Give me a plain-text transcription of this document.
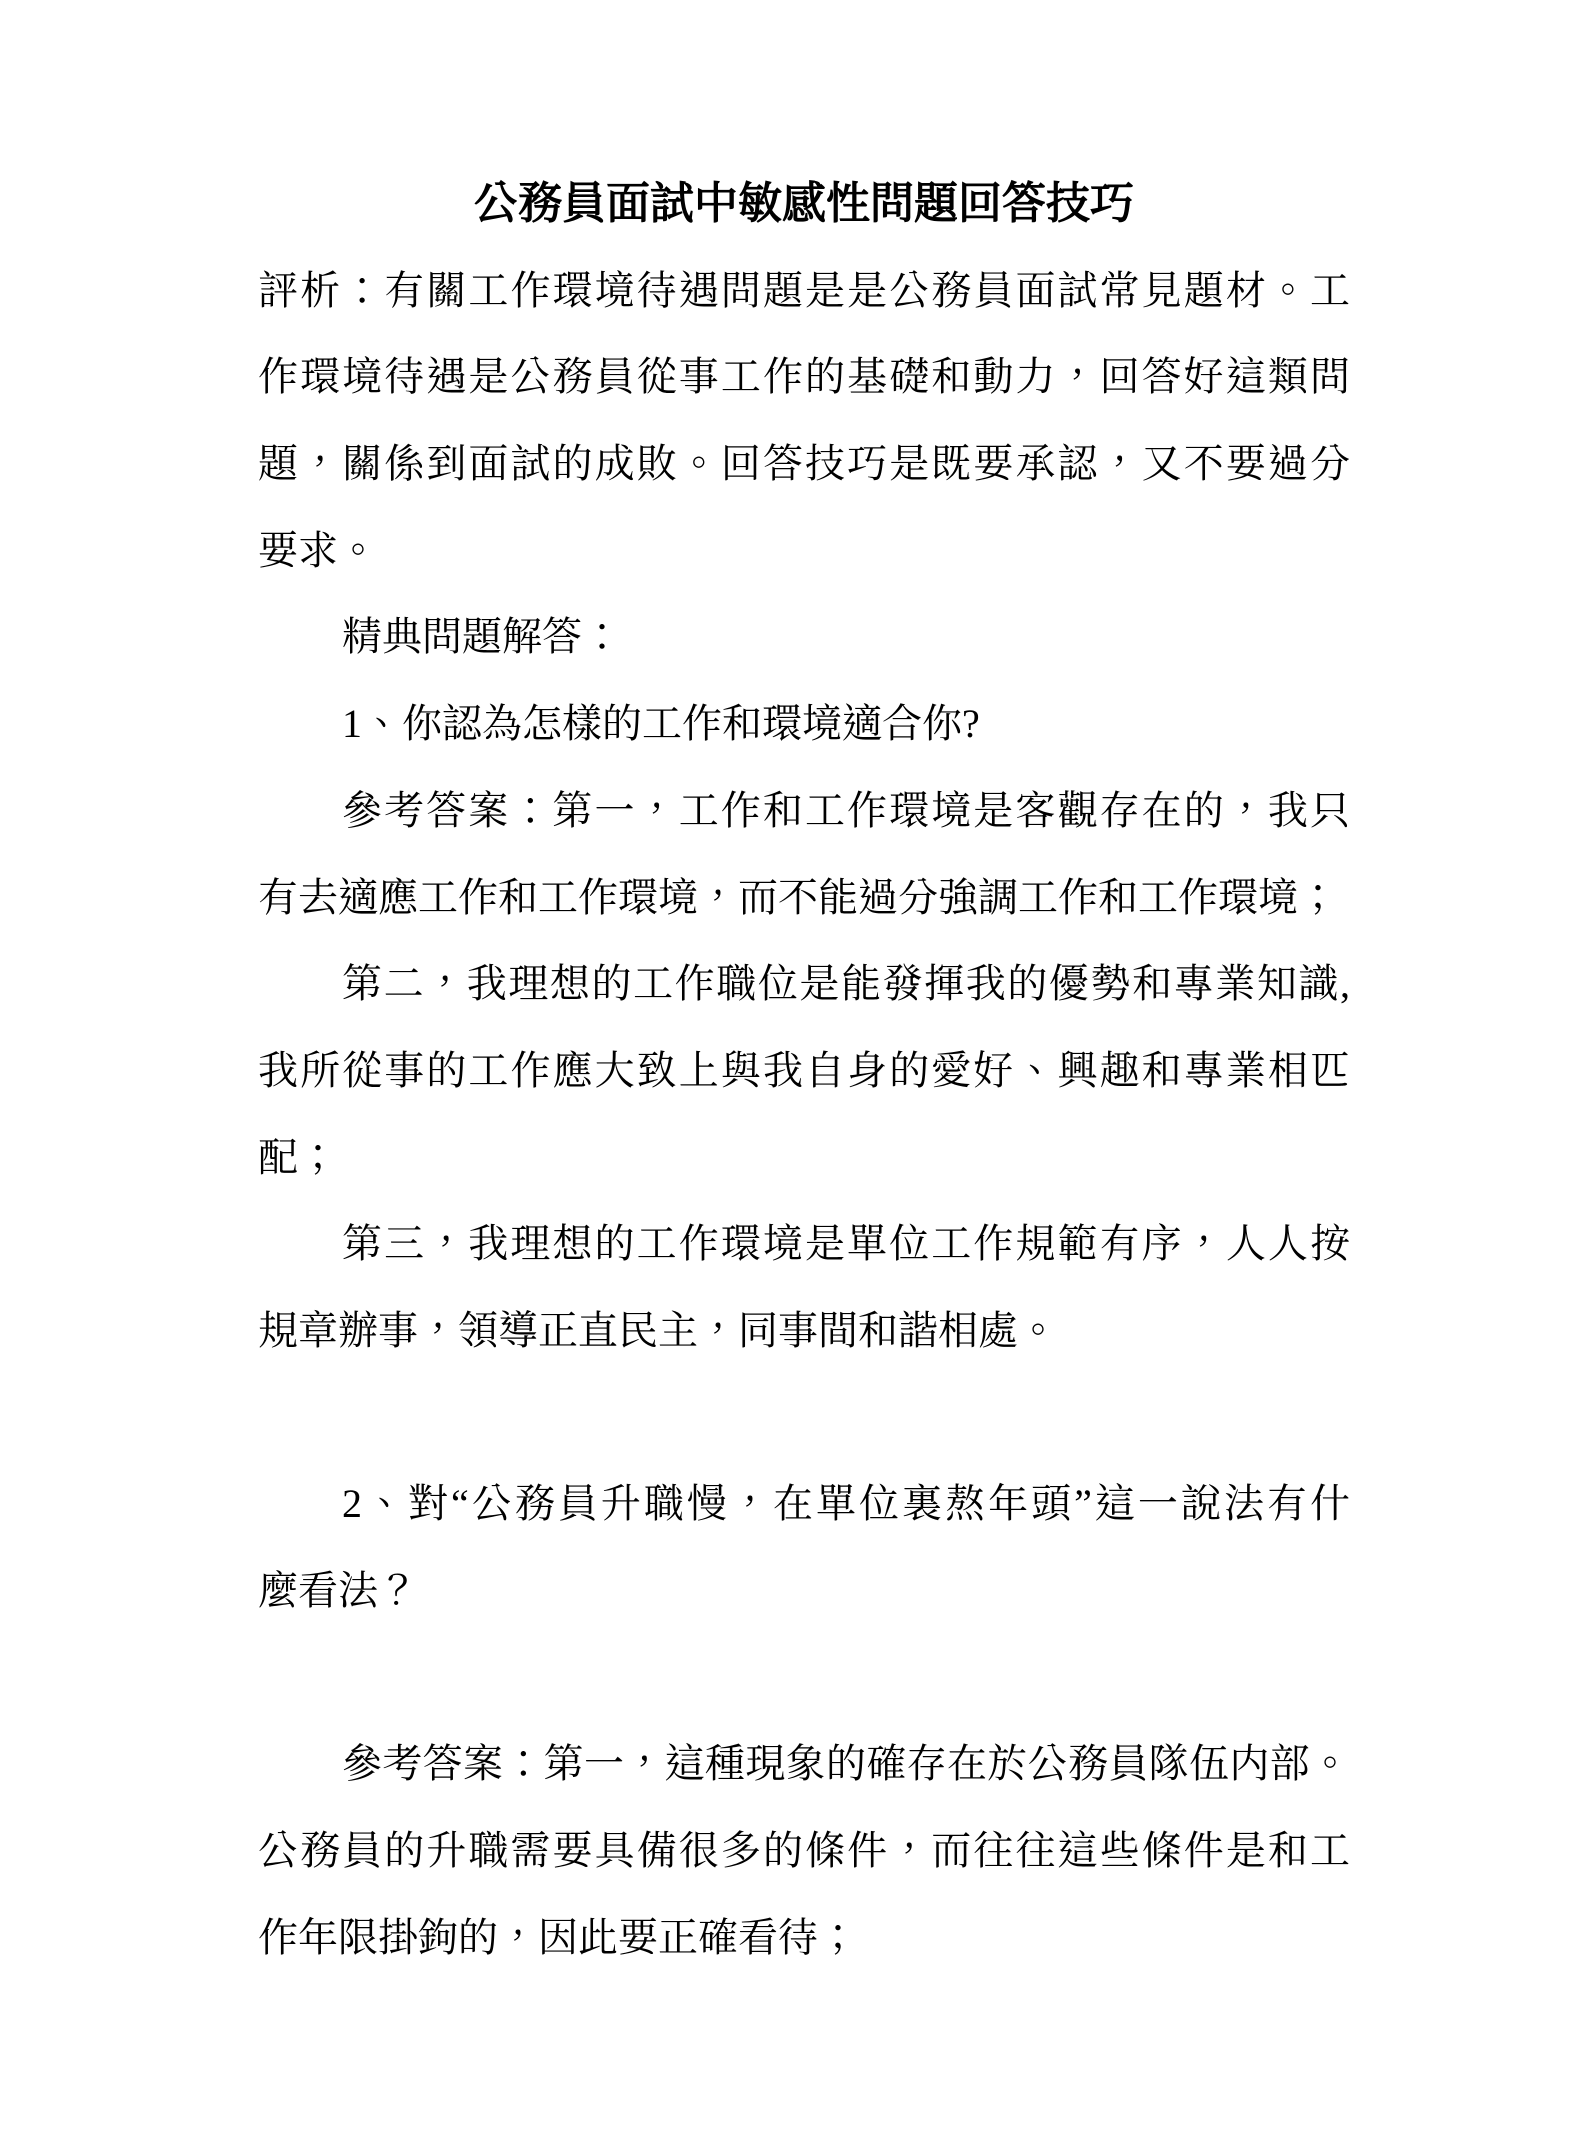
公務員面試中敏感性問題回答技巧
評析：有關工作環境待遇問題是是公務員面試常見題材。工
作環境待遇是公務員從事工作的基礎和動力，回答好這類問
題，關係到面試的成敗。回答技巧是既要承認，又不要過分
要求。
精典問題解答：
1、你認為怎樣的工作和環境適合你?
參考答案：第一，工作和工作環境是客觀存在的，我只
有去適應工作和工作環境，而不能過分強調工作和工作環境；
第二，我理想的工作職位是能發揮我的優勢和專業知識,
我所從事的工作應大致上與我自身的愛好、興趣和專業相匹
配；
第三，我理想的工作環境是單位工作規範有序，人人按
規章辦事，領導正直民主，同事間和諧相處。
2、對“公務員升職慢，在單位裏熬年頭”這一說法有什
麼看法？
參考答案：第一，這種現象的確存在於公務員隊伍内部。
公務員的升職需要具備很多的條件，而往往這些條件是和工
作年限掛鉤的，因此要正確看待；
